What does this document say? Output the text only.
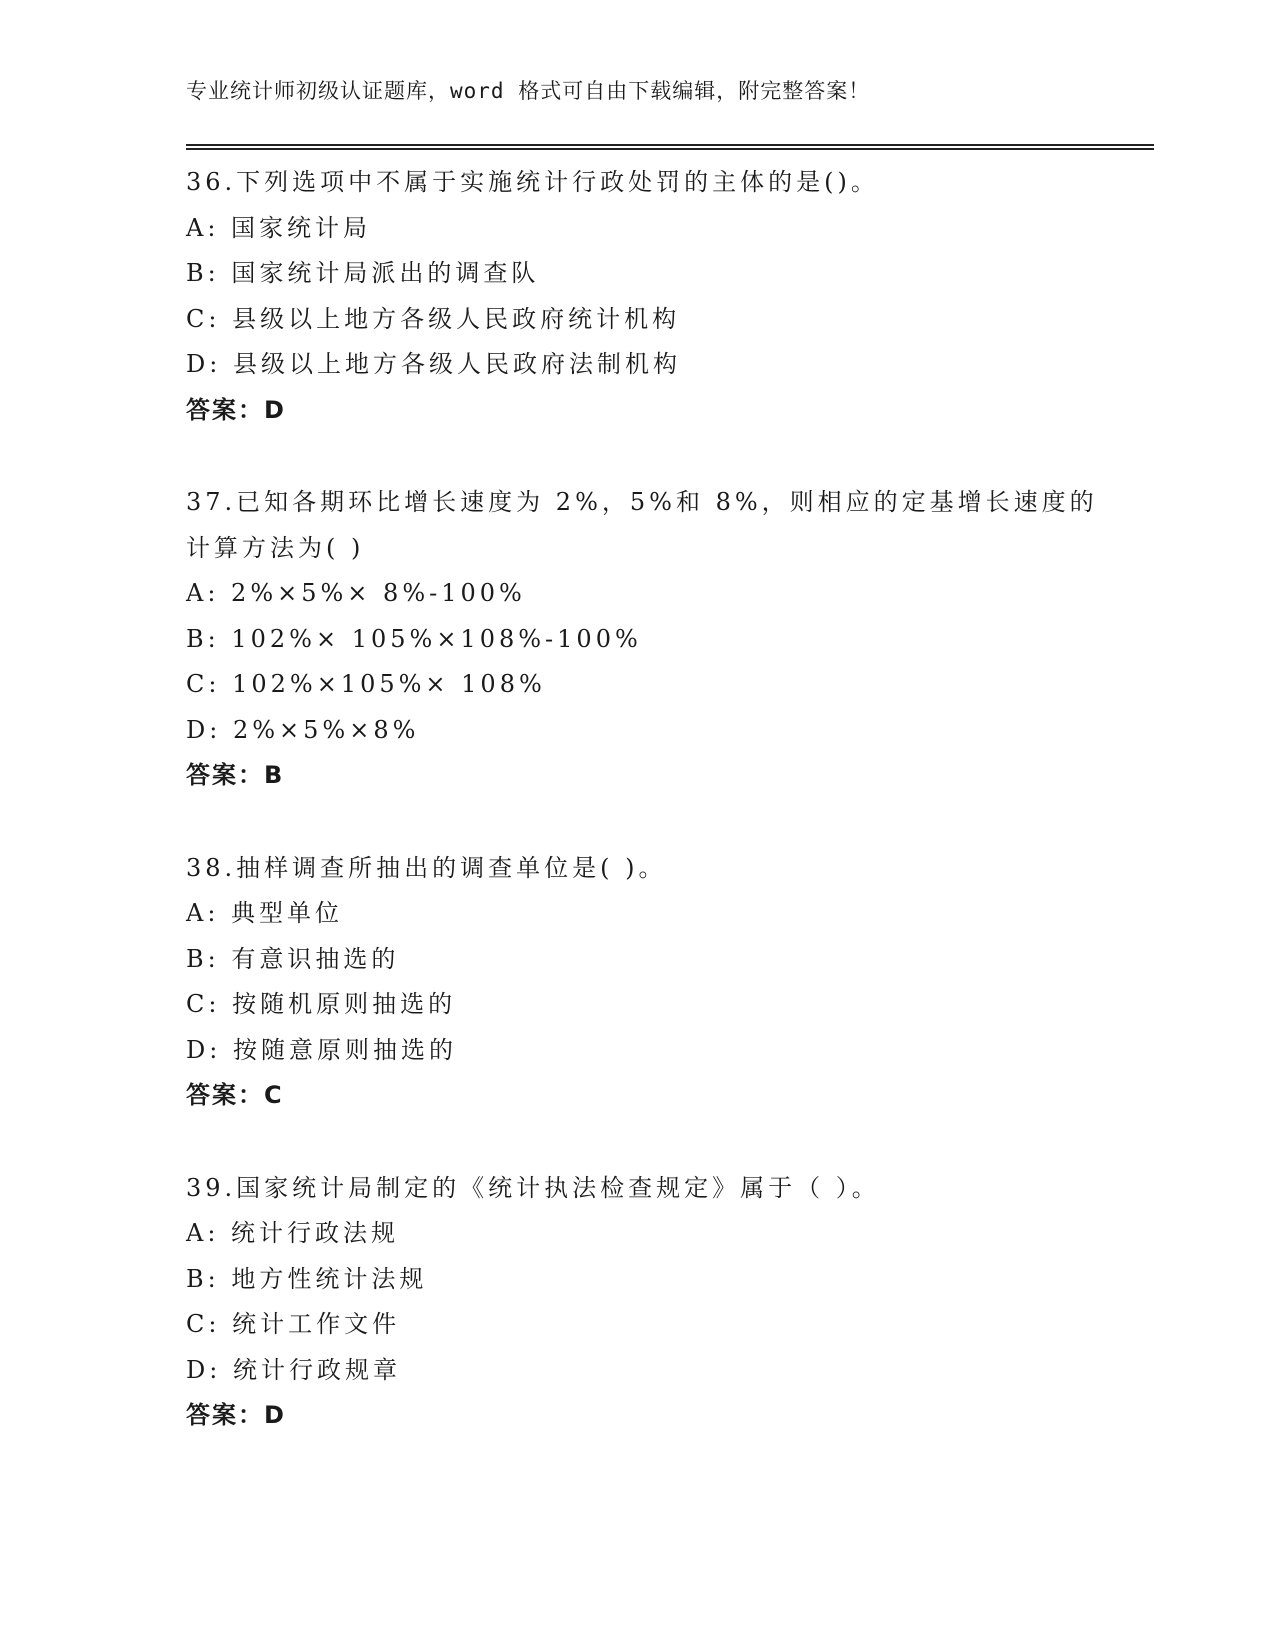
专业统计师初级认证题库，word 格式可自由下载编辑，附完整答案！
36.下列选项中不属于实施统计行政处罚的主体的是()。
A: 国家统计局
B: 国家统计局派出的调查队
C: 县级以上地方各级人民政府统计机构
D: 县级以上地方各级人民政府法制机构
答案：D
37.已知各期环比增长速度为 2%，5%和 8%，则相应的定基增长速度的
计算方法为( )
A: 2%×5%× 8%-100%
B: 102%× 105%×108%-100%
C: 102%×105%× 108%
D: 2%×5%×8%
答案：B
38.抽样调查所抽出的调查单位是( )。
A: 典型单位
B: 有意识抽选的
C: 按随机原则抽选的
D: 按随意原则抽选的
答案：C
39.国家统计局制定的《统计执法检查规定》属于（ ）。
A: 统计行政法规
B: 地方性统计法规
C: 统计工作文件
D: 统计行政规章
答案：D
